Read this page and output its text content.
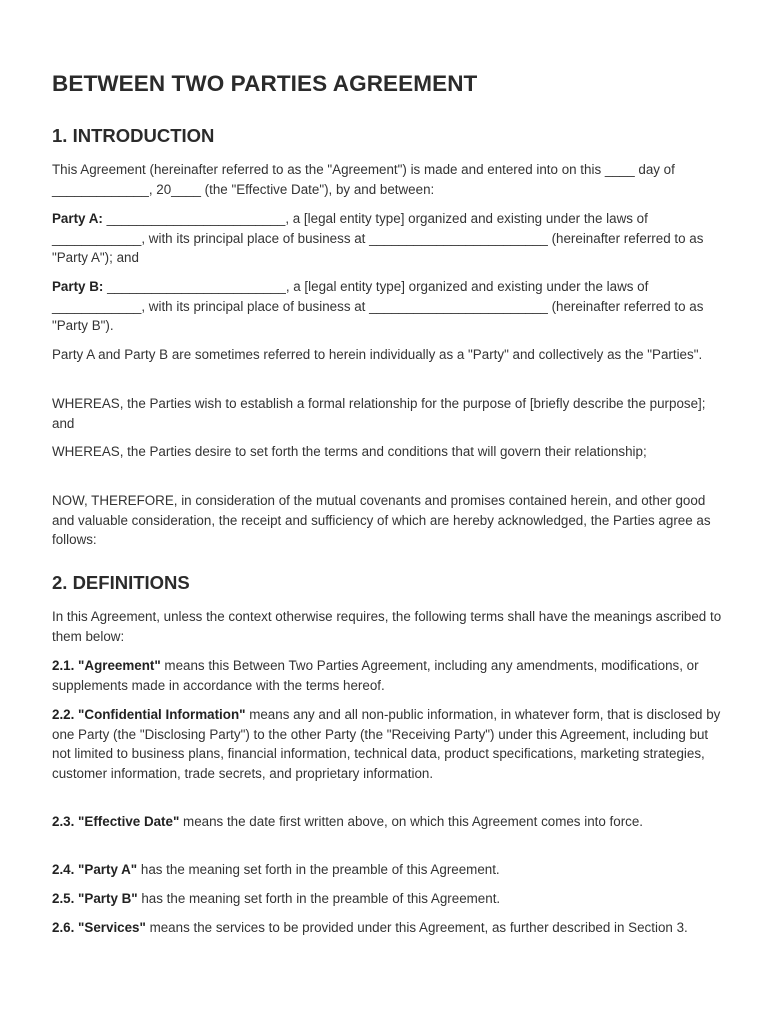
BETWEEN TWO PARTIES AGREEMENT
1. INTRODUCTION

This Agreement (hereinafter referred to as the "Agreement") is made and entered into on this ____ day of _____________, 20____ (the "Effective Date"), by and between:

Party A: ________________________, a [legal entity type] organized and existing under the laws of ____________, with its principal place of business at ________________________ (hereinafter referred to as "Party A"); and

Party B: ________________________, a [legal entity type] organized and existing under the laws of ____________, with its principal place of business at ________________________ (hereinafter referred to as "Party B").

Party A and Party B are sometimes referred to herein individually as a "Party" and collectively as the "Parties".

WHEREAS, the Parties wish to establish a formal relationship for the purpose of [briefly describe the purpose]; and

WHEREAS, the Parties desire to set forth the terms and conditions that will govern their relationship;

NOW, THEREFORE, in consideration of the mutual covenants and promises contained herein, and other good and valuable consideration, the receipt and sufficiency of which are hereby acknowledged, the Parties agree as follows:

2. DEFINITIONS

In this Agreement, unless the context otherwise requires, the following terms shall have the meanings ascribed to them below:

2.1. "Agreement" means this Between Two Parties Agreement, including any amendments, modifications, or supplements made in accordance with the terms hereof.

2.2. "Confidential Information" means any and all non-public information, in whatever form, that is disclosed by one Party (the "Disclosing Party") to the other Party (the "Receiving Party") under this Agreement, including but not limited to business plans, financial information, technical data, product specifications, marketing strategies, customer information, trade secrets, and proprietary information.

2.3. "Effective Date" means the date first written above, on which this Agreement comes into force.

2.4. "Party A" has the meaning set forth in the preamble of this Agreement.

2.5. "Party B" has the meaning set forth in the preamble of this Agreement.

2.6. "Services" means the services to be provided under this Agreement, as further described in Section 3.
